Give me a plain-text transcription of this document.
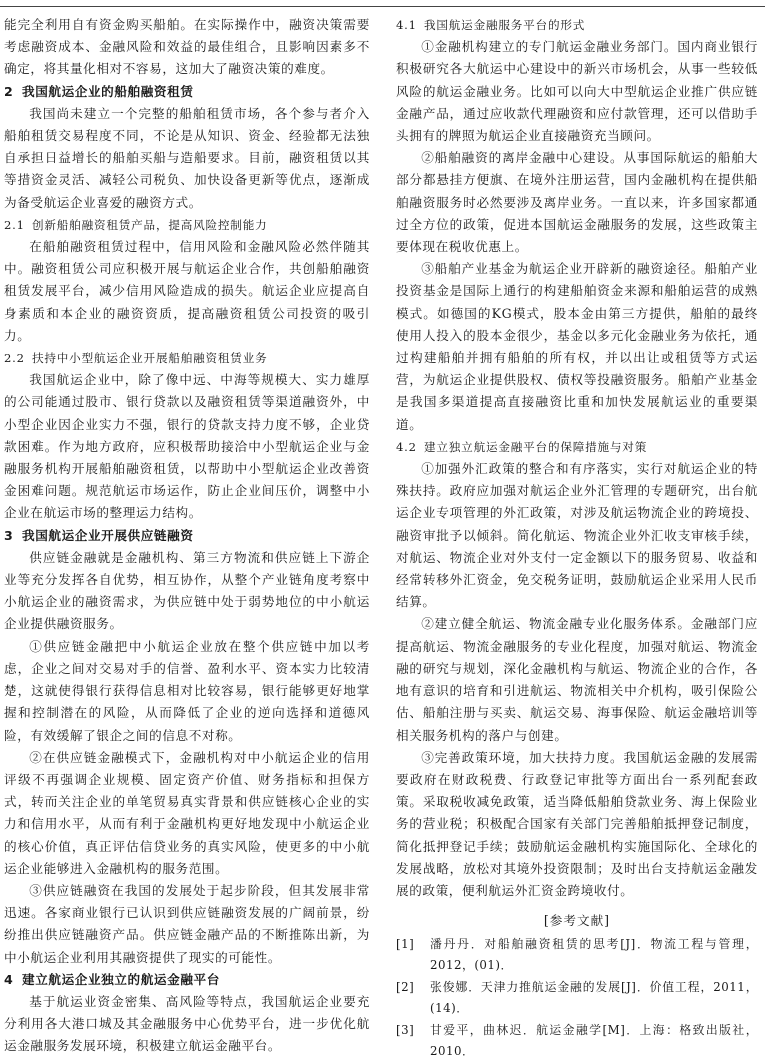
能完全利用自有资金购买船舶。在实际操作中，融资决策需要考虑融资成本、金融风险和效益的最佳组合，且影响因素多不确定，将其量化相对不容易，这加大了融资决策的难度。

2 我国航运企业的船舶融资租赁

我国尚未建立一个完整的船舶租赁市场，各个参与者介入船舶租赁交易程度不同，不论是从知识、资金、经验都无法独自承担日益增长的船舶买船与造船要求。目前，融资租赁以其等措资金灵活、减轻公司税负、加快设备更新等优点，逐渐成为备受航运企业喜爱的融资方式。

2.1 创新船舶融资租赁产品，提高风险控制能力

在船舶融资租赁过程中，信用风险和金融风险必然伴随其中。融资租赁公司应积极开展与航运企业合作，共创船舶融资租赁发展平台，减少信用风险造成的损失。航运企业应提高自身素质和本企业的融资资质，提高融资租赁公司投资的吸引力。

2.2 扶持中小型航运企业开展船舶融资租赁业务

我国航运企业中，除了像中远、中海等规模大、实力雄厚的公司能通过股市、银行贷款以及融资租赁等渠道融资外，中小型企业因企业实力不强，银行的贷款支持力度不够，企业贷款困难。作为地方政府，应积极帮助接洽中小型航运企业与金融服务机构开展船舶融资租赁，以帮助中小型航运企业改善资金困难问题。规范航运市场运作，防止企业间压价，调整中小企业在航运市场的整理运力结构。

3 我国航运企业开展供应链融资

供应链金融就是金融机构、第三方物流和供应链上下游企业等充分发挥各自优势，相互协作，从整个产业链角度考察中小航运企业的融资需求，为供应链中处于弱势地位的中小航运企业提供融资服务。

①供应链金融把中小航运企业放在整个供应链中加以考虑，企业之间对交易对手的信誉、盈利水平、资本实力比较清楚，这就使得银行获得信息相对比较容易，银行能够更好地掌握和控制潜在的风险，从而降低了企业的逆向选择和道德风险，有效缓解了银企之间的信息不对称。

②在供应链金融模式下，金融机构对中小航运企业的信用评级不再强调企业规模、固定资产价值、财务指标和担保方式，转而关注企业的单笔贸易真实背景和供应链核心企业的实力和信用水平，从而有利于金融机构更好地发现中小航运企业的核心价值，真正评估信贷业务的真实风险，使更多的中小航运企业能够进入金融机构的服务范围。

③供应链融资在我国的发展处于起步阶段，但其发展非常迅速。各家商业银行已认识到供应链融资发展的广阔前景，纷纷推出供应链融资产品。供应链金融产品的不断推陈出新，为中小航运企业利用其融资提供了现实的可能性。

4 建立航运企业独立的航运金融平台

基于航运业资金密集、高风险等特点，我国航运企业要充分利用各大港口城及其金融服务中心优势平台，进一步优化航运金融服务发展环境，积极建立航运金融平台。

4.1 我国航运金融服务平台的形式

①金融机构建立的专门航运金融业务部门。国内商业银行积极研究各大航运中心建设中的新兴市场机会，从事一些较低风险的航运金融业务。比如可以向大中型航运企业推广供应链金融产品，通过应收款代理融资和应付款管理，还可以借助手头拥有的牌照为航运企业直接融资充当顾问。

②船舶融资的离岸金融中心建设。从事国际航运的船舶大部分都悬挂方便旗、在境外注册运营，国内金融机构在提供船舶融资服务时必然要涉及离岸业务。一直以来，许多国家都通过全方位的政策，促进本国航运金融服务的发展，这些政策主要体现在税收优惠上。

③船舶产业基金为航运企业开辟新的融资途径。船舶产业投资基金是国际上通行的构建船舶资金来源和船舶运营的成熟模式。如德国的KG模式，股本金由第三方提供，船舶的最终使用人投入的股本金很少，基金以多元化金融业务为依托，通过构建船舶并拥有船舶的所有权，并以出让或租赁等方式运营，为航运企业提供股权、债权等投融资服务。船舶产业基金是我国多渠道提高直接融资比重和加快发展航运业的重要渠道。

4.2 建立独立航运金融平台的保障措施与对策

①加强外汇政策的整合和有序落实，实行对航运企业的特殊扶持。政府应加强对航运企业外汇管理的专题研究，出台航运企业专项管理的外汇政策，对涉及航运物流企业的跨境投、融资审批予以倾斜。简化航运、物流企业外汇收支审核手续，对航运、物流企业对外支付一定金额以下的服务贸易、收益和经常转移外汇资金，免交税务证明，鼓励航运企业采用人民币结算。

②建立健全航运、物流金融专业化服务体系。金融部门应提高航运、物流金融服务的专业化程度，加强对航运、物流金融的研究与规划，深化金融机构与航运、物流企业的合作，各地有意识的培育和引进航运、物流相关中介机构，吸引保险公估、船舶注册与买卖、航运交易、海事保险、航运金融培训等相关服务机构的落户与创建。

③完善政策环境，加大扶持力度。我国航运金融的发展需要政府在财政税费、行政登记审批等方面出台一系列配套政策。采取税收减免政策，适当降低船舶贷款业务、海上保险业务的营业税；积极配合国家有关部门完善船舶抵押登记制度，简化抵押登记手续；鼓励航运金融机构实施国际化、全球化的发展战略，放松对其境外投资限制；及时出台支持航运金融发展的政策，便利航运外汇资金跨境收付。

[参考文献]
[1] 潘丹丹．对船舶融资租赁的思考[J]．物流工程与管理，2012，(01)．
[2] 张俊娜．天津力推航运金融的发展[J]．价值工程，2011，(14)．
[3] 甘爱平，曲林迟．航运金融学[M]．上海：格致出版社，2010．
